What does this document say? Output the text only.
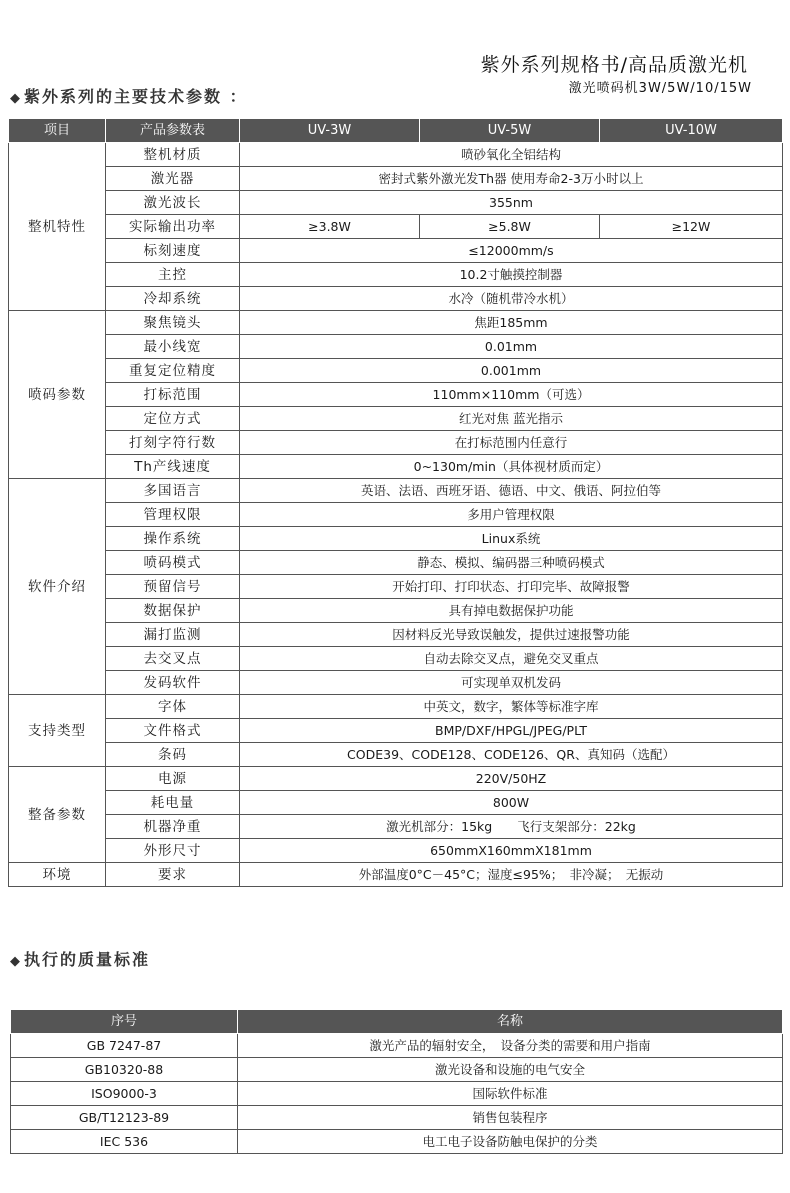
紫外系列规格书/高品质激光机
激光喷码机3W/5W/10/15W
◆ 紫外系列的主要技术参数 ：
项目	产品参数表	UV-3W	UV-5W	UV-10W
整机特性	整机材质	喷砂氧化全铝结构		
	激光器	密封式紫外激光发Th器 使用寿命2-3万小时以上		
	激光波长	355nm		
	实际输出功率	≥3.8W	≥5.8W	≥12W
	标刻速度	≤12000mm/s		
	主控	10.2寸触摸控制器		
	冷却系统	水冷（随机带冷水机）		
喷码参数	聚焦镜头	焦距185mm		
	最小线宽	0.01mm		
	重复定位精度	0.001mm		
	打标范围	110mm×110mm（可选）		
	定位方式	红光对焦 蓝光指示		
	打刻字符行数	在打标范围内任意行		
	Th产线速度	0~130m/min（具体视材质而定）		
软件介绍	多国语言	英语、法语、西班牙语、德语、中文、俄语、阿拉伯等		
	管理权限	多用户管理权限		
	操作系统	Linux系统		
	喷码模式	静态、模拟、编码器三种喷码模式		
	预留信号	开始打印、打印状态、打印完毕、故障报警		
	数据保护	具有掉电数据保护功能		
	漏打监测	因材料反光导致误触发，提供过速报警功能		
	去交叉点	自动去除交叉点，避免交叉重点		
	发码软件	可实现单双机发码		
支持类型	字体	中英文，数字，繁体等标准字库		
	文件格式	BMP/DXF/HPGL/JPEG/PLT		
	条码	CODE39、CODE128、CODE126、QR、真知码（选配）		
整备参数	电源	220V/50HZ		
	耗电量	800W		
	机器净重	激光机部分：15kg　　飞行支架部分：22kg		
	外形尺寸	650mmX160mmX181mm		
环境	要求	外部温度0°C－45°C；湿度≤95%；　非冷凝；　无振动		
◆ 执行的质量标准
序号	名称
GB 7247-87	激光产品的辐射安全，　设备分类的需要和用户指南
GB10320-88	激光设备和设施的电气安全
ISO9000-3	国际软件标准
GB/T12123-89	销售包装程序
IEC 536	电工电子设备防触电保护的分类
